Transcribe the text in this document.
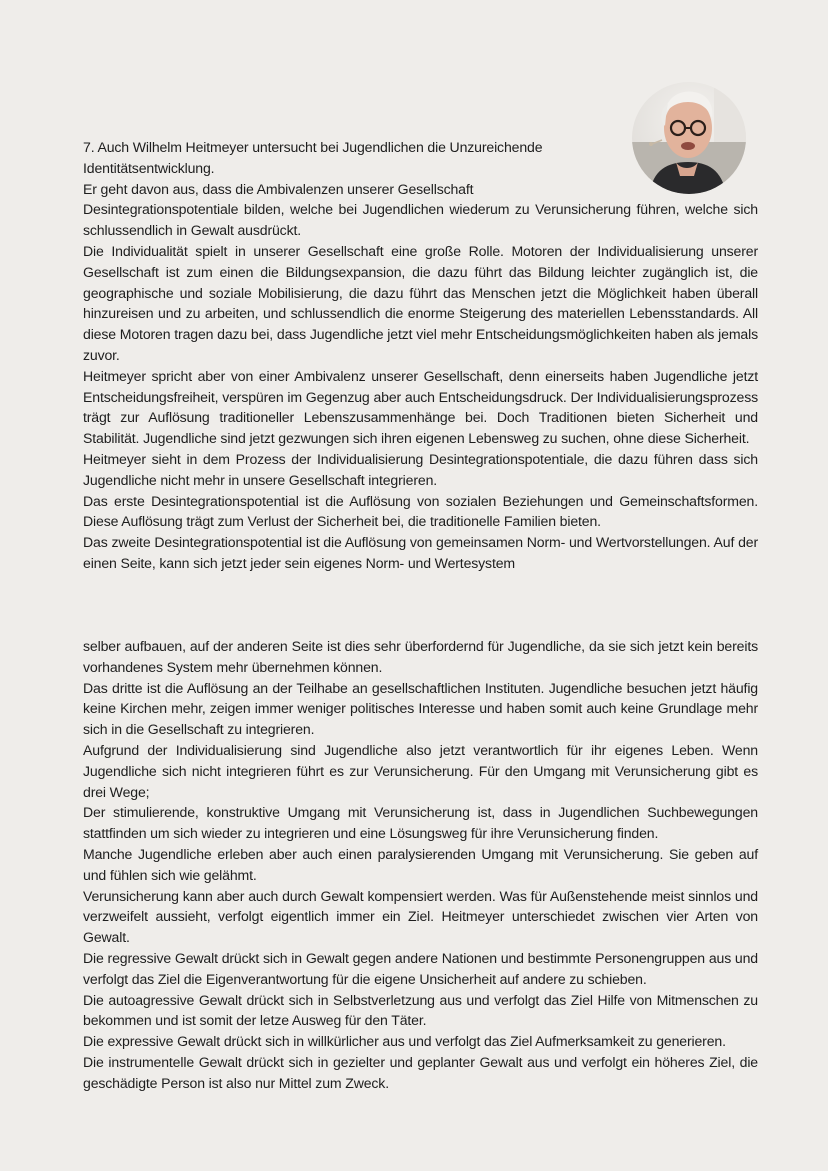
7. Auch Wilhelm Heitmeyer untersucht bei Jugendlichen die Unzureichende Identitätsentwicklung.

Er geht davon aus, dass die Ambivalenzen unserer Gesellschaft

Desintegrationspotentiale bilden, welche bei Jugendlichen wiederum zu Verunsicherung führen, welche sich schlussendlich in Gewalt ausdrückt.

Die Individualität spielt in unserer Gesellschaft eine große Rolle. Motoren der Individualisierung unserer Gesellschaft ist zum einen die Bildungsexpansion, die dazu führt das Bildung leichter zugänglich ist, die geographische und soziale Mobilisierung, die dazu führt das Menschen jetzt die Möglichkeit haben überall hinzureisen und zu arbeiten, und schlussendlich die enorme Steigerung des materiellen Lebensstandards. All diese Motoren tragen dazu bei, dass Jugendliche jetzt viel mehr Entscheidungsmöglichkeiten haben als jemals zuvor.

Heitmeyer spricht aber von einer Ambivalenz unserer Gesellschaft, denn einerseits haben Jugendliche jetzt Entscheidungsfreiheit, verspüren im Gegenzug aber auch Entscheidungsdruck. Der Individualisierungsprozess trägt zur Auflösung traditioneller Lebenszusammenhänge bei. Doch Traditionen bieten Sicherheit und Stabilität. Jugendliche sind jetzt gezwungen sich ihren eigenen Lebensweg zu suchen, ohne diese Sicherheit.

Heitmeyer sieht in dem Prozess der Individualisierung Desintegrationspotentiale, die dazu führen dass sich Jugendliche nicht mehr in unsere Gesellschaft integrieren.

Das erste Desintegrationspotential ist die Auflösung von sozialen Beziehungen und Gemeinschaftsformen. Diese Auflösung trägt zum Verlust der Sicherheit bei, die traditionelle Familien bieten.

Das zweite Desintegrationspotential ist die Auflösung von gemeinsamen Norm- und Wertvorstellungen. Auf der einen Seite, kann sich jetzt jeder sein eigenes Norm- und Wertesystem

selber aufbauen, auf der anderen Seite ist dies sehr überfordernd für Jugendliche, da sie sich jetzt kein bereits vorhandenes System mehr übernehmen können.

Das dritte ist die Auflösung an der Teilhabe an gesellschaftlichen Instituten. Jugendliche besuchen jetzt häufig keine Kirchen mehr, zeigen immer weniger politisches Interesse und haben somit auch keine Grundlage mehr sich in die Gesellschaft zu integrieren.

Aufgrund der Individualisierung sind Jugendliche also jetzt verantwortlich für ihr eigenes Leben. Wenn Jugendliche sich nicht integrieren führt es zur Verunsicherung. Für den Umgang mit Verunsicherung gibt es drei Wege;

Der stimulierende, konstruktive Umgang mit Verunsicherung ist, dass in Jugendlichen Suchbewegungen stattfinden um sich wieder zu integrieren und eine Lösungsweg für ihre Verunsicherung finden.

Manche Jugendliche erleben aber auch einen paralysierenden Umgang mit Verunsicherung. Sie geben auf und fühlen sich wie gelähmt.

Verunsicherung kann aber auch durch Gewalt kompensiert werden. Was für Außenstehende meist sinnlos und verzweifelt aussieht, verfolgt eigentlich immer ein Ziel. Heitmeyer unterschiedet zwischen vier Arten von Gewalt.

Die regressive Gewalt drückt sich in Gewalt gegen andere Nationen und bestimmte Personengruppen aus und verfolgt das Ziel die Eigenverantwortung für die eigene Unsicherheit auf andere zu schieben.

Die autoagressive Gewalt drückt sich in Selbstverletzung aus und verfolgt das Ziel Hilfe von Mitmenschen zu bekommen und ist somit der letze Ausweg für den Täter.

Die expressive Gewalt drückt sich in willkürlicher aus und verfolgt das Ziel Aufmerksamkeit zu generieren.

Die instrumentelle Gewalt drückt sich in gezielter und geplanter Gewalt aus und verfolgt ein höheres Ziel, die geschädigte Person ist also nur Mittel zum Zweck.
